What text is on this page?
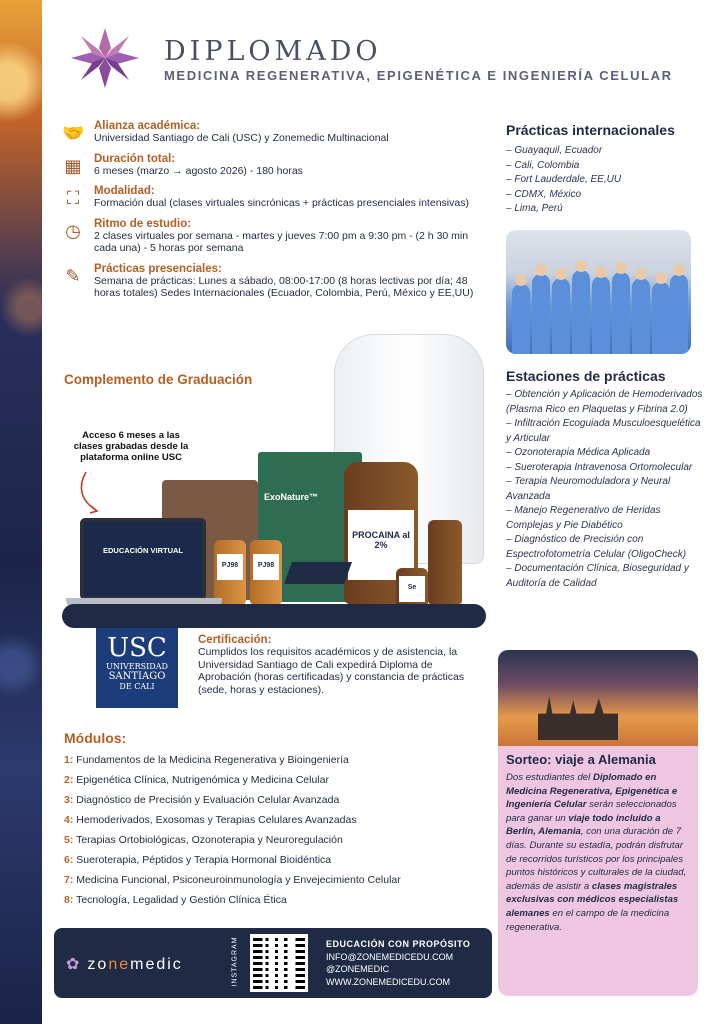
DIPLOMADO
MEDICINA REGENERATIVA, EPIGENÉTICA E INGENIERÍA CELULAR
🤝 Alianza académica:
Universidad Santiago de Cali (USC) y Zonemedic Multinacional
▦ Duración total:
6 meses (marzo → agosto 2026) - 180 horas
⛶	Modalidad:
Formación dual (clases virtuales sincrónicas + prácticas presenciales intensivas)
◷ Ritmo de estudio:
2 clases virtuales por semana - martes y jueves 7:00 pm a 9:30 pm - (2 h 30 min cada una) - 5 horas por semana
✎	Prácticas presenciales:
Semana de prácticas: Lunes a sábado, 08:00-17:00 (8 horas lectivas por día; 48 horas totales) Sedes Internacionales (Ecuador, Colombia, Perú, México y EE,UU)
Prácticas internacionales
– Guayaquil, Ecuador
– Cali, Colombia
– Fort Lauderdale, EE,UU
– CDMX, México
– Lima, Perú
Estaciones de prácticas
– Obtención y Aplicación de Hemoderivados (Plasma Rico en Plaquetas y Fibrina 2.0)
– Infiltración Ecoguiada Musculoesquelética y Articular
– Ozonoterapia Médica Aplicada
– Sueroterapia Intravenosa Ortomolecular
– Terapia Neuromoduladora y Neural Avanzada
– Manejo Regenerativo de Heridas Complejas y Pie Diabético
– Diagnóstico de Precisión con Espectrofotometría Celular (OligoCheck)
– Documentación Clínica, Bioseguridad y Auditoría de Calidad
ExoNature™
PROCAINA al 2%
PJ98	PJ98
Se
EDUCACIÓN VIRTUAL
Complemento de Graduación
Acceso 6 meses a las clases grabadas desde la plataforma online USC
USC
UNIVERSIDAD
SANTIAGO
DE CALI
Certificación:
Cumplidos los requisitos académicos y de asistencia, la Universidad Santiago de Cali expedirá Diploma de Aprobación (horas certificadas) y constancia de prácticas (sede, horas y estaciones).
Módulos:
1: Fundamentos de la Medicina Regenerativa y Bioingeniería
2: Epigenética Clínica, Nutrigenómica y Medicina Celular
3: Diagnóstico de Precisión y Evaluación Celular Avanzada
4: Hemoderivados, Exosomas y Terapias Celulares Avanzadas
5: Terapias Ortobiológicas, Ozonoterapia y Neuroregulación
6: Sueroterapia, Péptidos y Terapia Hormonal Bioidéntica
7: Medicina Funcional, Psiconeuroinmunología y Envejecimiento Celular
8: Tecnología, Legalidad y Gestión Clínica Ética
Sorteo: viaje a Alemania
Dos estudiantes del Diplomado en Medicina Regenerativa, Epigenética e Ingeniería Celular serán seleccionados para ganar un viaje todo incluido a Berlín, Alemania, con una duración de 7 días. Durante su estadía, podrán disfrutar de recorridos turísticos por los principales puntos históricos y culturales de la ciudad, además de asistir a clases magistrales exclusivas con médicos especialistas alemanes en el campo de la medicina regenerativa.
✿ zonemedic	INSTAGRAM	EDUCACIÓN CON PROPÓSITO
INFO@ZONEMEDICEDU.COM
@ZONEMEDIC
WWW.ZONEMEDICEDU.COM
